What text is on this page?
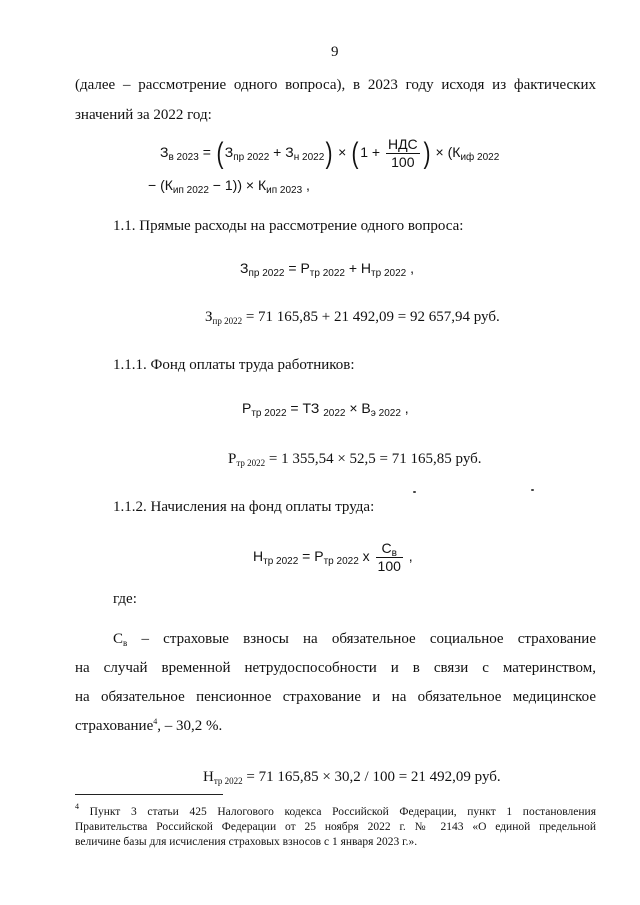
9
(далее – рассмотрение одного вопроса), в 2023 году исходя из фактических
значений за 2022 год:
$З_{в 2023}$ = ( $З_{пр 2022} + З_{н 2022}$) × ( $1 + \frac{\text{НДС}}{100}$ ) × ($К_{иф 2022}$
− $(К_{ип 2022} - 1)) \times К_{ип 2023}$ ,
1.1. Прямые расходы на рассмотрение одного вопроса:
$З_{пр 2022} = Р_{тр 2022} + Н_{тр 2022}$ ,
$З_{пр 2022} = 71$ 165,85 + 21 492,09 = 92 657,94 руб.
1.1.1. Фонд оплаты труда работников:
$Р_{тр 2022}$ = ТЗ $_{2022} \times В_{э 2022}$ ,
$Р_{тр 2022} = 1$ 355,54 × 52,5 = 71 165,85 руб.
1.1.2. Начисления на фонд оплаты труда:
$Н_{тр 2022} = Р_{тр 2022}$ x $\frac{С_в}{100}$ ,
где:
$С_в$ – страховые взносы на обязательное социальное страхование
на случай временной нетрудоспособности и в связи с материнством,
на обязательное пенсионное страхование и на обязательное медицинское
страхование$^4$, – 30,2 %.
$Н_{тр 2022} = 71$ 165,85 × 30,2 / 100 = 21 492,09 руб.
$^4$ Пункт 3 статьи 425 Налогового кодекса Российской Федерации, пункт 1 постановления
Правительства Российской Федерации от 25 ноября 2022 г. № 2143 «О единой предельной
величине базы для исчисления страховых взносов с 1 января 2023 г.».
